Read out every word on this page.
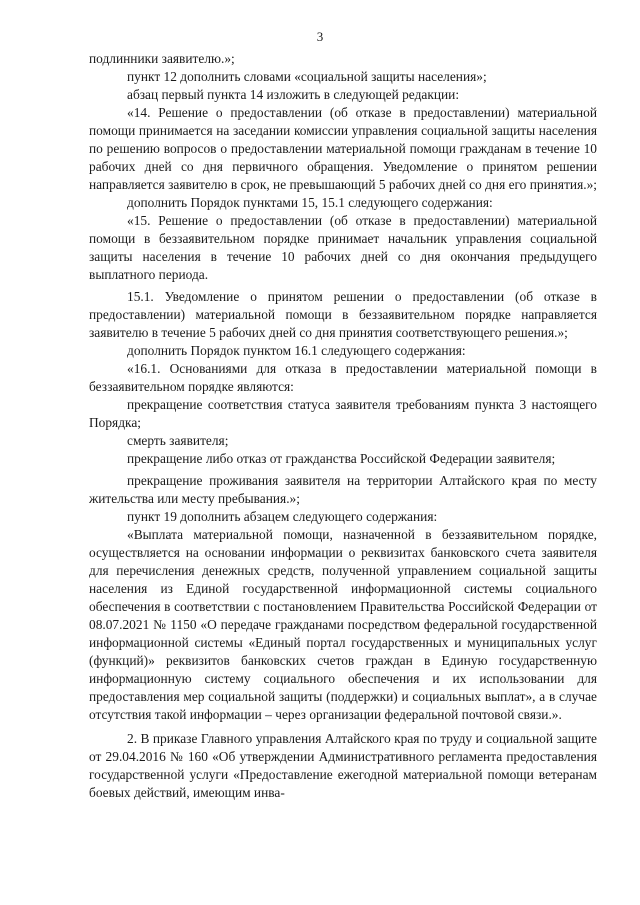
3

подлинники заявителю.»;

пункт 12 дополнить словами «социальной защиты населения»;

абзац первый пункта 14 изложить в следующей редакции:

«14. Решение о предоставлении (об отказе в предоставлении) материальной помощи принимается на заседании комиссии управления социальной защиты населения по решению вопросов о предоставлении материальной помощи гражданам в течение 10 рабочих дней со дня первичного обращения. Уведомление о принятом решении направляется заявителю в срок, не превышающий 5 рабочих дней со дня его принятия.»;

дополнить Порядок пунктами 15, 15.1 следующего содержания:

«15. Решение о предоставлении (об отказе в предоставлении) материальной помощи в беззаявительном порядке принимает начальник управления социальной защиты населения в течение 10 рабочих дней со дня окончания предыдущего выплатного периода.

15.1. Уведомление о принятом решении о предоставлении (об отказе в предоставлении) материальной помощи в беззаявительном порядке направляется заявителю в течение 5 рабочих дней со дня принятия соответствующего решения.»;

дополнить Порядок пунктом 16.1 следующего содержания:

«16.1. Основаниями для отказа в предоставлении материальной помощи в беззаявительном порядке являются:

прекращение соответствия статуса заявителя требованиям пункта 3 настоящего Порядка;

смерть заявителя;

прекращение либо отказ от гражданства Российской Федерации заявителя;

прекращение проживания заявителя на территории Алтайского края по месту жительства или месту пребывания.»;

пункт 19 дополнить абзацем следующего содержания:

«Выплата материальной помощи, назначенной в беззаявительном порядке, осуществляется на основании информации о реквизитах банковского счета заявителя для перечисления денежных средств, полученной управлением социальной защиты населения из Единой государственной информационной системы социального обеспечения в соответствии с постановлением Правительства Российской Федерации от 08.07.2021 № 1150 «О передаче гражданами посредством федеральной государственной информационной системы «Единый портал государственных и муниципальных услуг (функций)» реквизитов банковских счетов граждан в Единую государственную информационную систему социального обеспечения и их использовании для предоставления мер социальной защиты (поддержки) и социальных выплат», а в случае отсутствия такой информации – через организации федеральной почтовой связи.».

2. В приказе Главного управления Алтайского края по труду и социальной защите от 29.04.2016 № 160 «Об утверждении Административного регламента предоставления государственной услуги «Предоставление ежегодной материальной помощи ветеранам боевых действий, имеющим инва-
